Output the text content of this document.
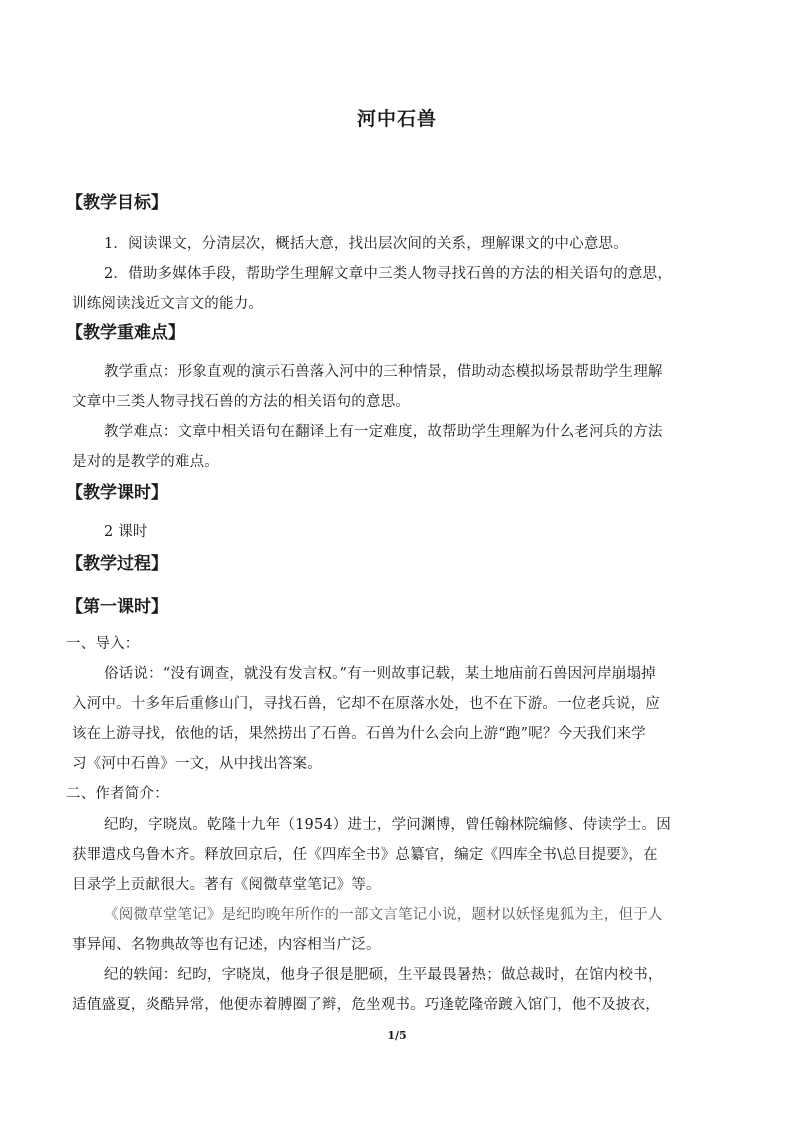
河中石兽
【教学目标】
1．阅读课文，分清层次，概括大意，找出层次间的关系，理解课文的中心意思。
2．借助多媒体手段，帮助学生理解文章中三类人物寻找石兽的方法的相关语句的意思，
训练阅读浅近文言文的能力。
【教学重难点】
教学重点：形象直观的演示石兽落入河中的三种情景，借助动态模拟场景帮助学生理解
文章中三类人物寻找石兽的方法的相关语句的意思。
教学难点：文章中相关语句在翻译上有一定难度，故帮助学生理解为什么老河兵的方法
是对的是教学的难点。
【教学课时】
2 课时
【教学过程】
【第一课时】
一、导入：
俗话说：“没有调查，就没有发言权。”有一则故事记载，某土地庙前石兽因河岸崩塌掉
入河中。十多年后重修山门，寻找石兽，它却不在原落水处，也不在下游。一位老兵说，应
该在上游寻找，依他的话，果然捞出了石兽。石兽为什么会向上游“跑”呢？今天我们来学
习《河中石兽》一文，从中找出答案。
二、作者简介：
纪昀，字晓岚。乾隆十九年（1954）进士，学问渊博，曾任翰林院编修、侍读学士。因
获罪遣戍乌鲁木齐。释放回京后，任《四库全书》总纂官，编定《四库全书\总目提要》，在
目录学上贡献很大。著有《阅微草堂笔记》等。
《阅微草堂笔记》是纪昀晚年所作的一部文言笔记小说，题材以妖怪鬼狐为主，但于人
事异闻、名物典故等也有记述，内容相当广泛。
纪的轶闻：纪昀，字晓岚，他身子很是肥硕，生平最畏暑热；做总裁时，在馆内校书，
适值盛夏，炎酷异常，他便赤着膊圈了辫，危坐观书。巧逢乾隆帝踱入馆门，他不及披衣，
1/5
